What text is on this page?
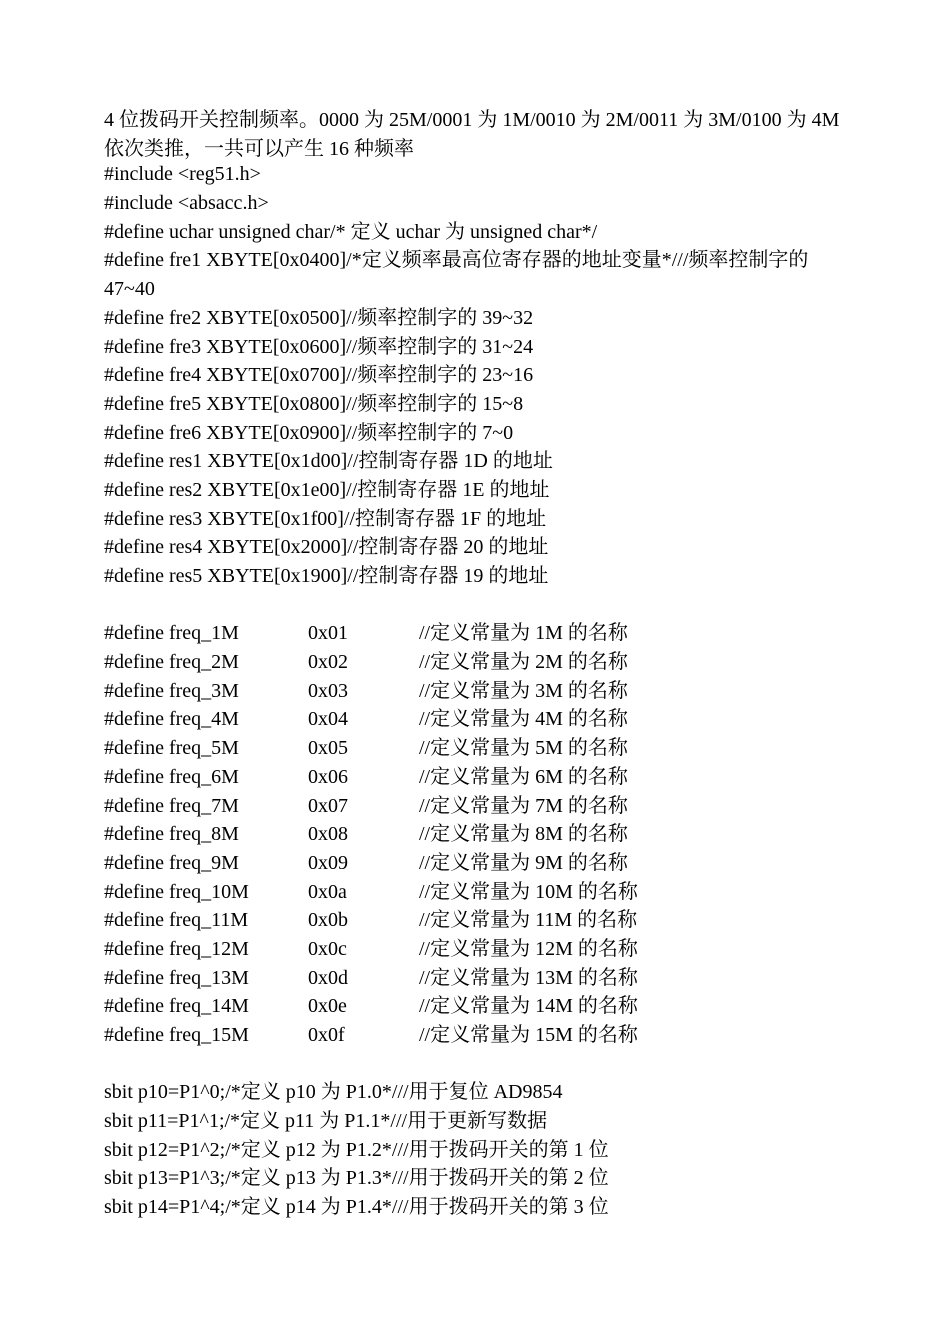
4 位拨码开关控制频率。0000 为 25M/0001 为 1M/0010 为 2M/0011 为 3M/0100 为 4M 依次类推，一共可以产生 16 种频率
#include <reg51.h>
#include <absacc.h>
#define uchar unsigned char/* 定义 uchar 为 unsigned char*/
#define fre1 XBYTE[0x0400]/*定义频率最高位寄存器的地址变量*///频率控制字的 47~40
#define fre2 XBYTE[0x0500]//频率控制字的 39~32
#define fre3 XBYTE[0x0600]//频率控制字的 31~24
#define fre4 XBYTE[0x0700]//频率控制字的 23~16
#define fre5 XBYTE[0x0800]//频率控制字的 15~8
#define fre6 XBYTE[0x0900]//频率控制字的 7~0
#define res1 XBYTE[0x1d00]//控制寄存器 1D 的地址
#define res2 XBYTE[0x1e00]//控制寄存器 1E 的地址
#define res3 XBYTE[0x1f00]//控制寄存器 1F 的地址
#define res4 XBYTE[0x2000]//控制寄存器 20 的地址
#define res5 XBYTE[0x1900]//控制寄存器 19 的地址
#define freq_1M	0x01	//定义常量为 1M 的名称
#define freq_2M	0x02	//定义常量为 2M 的名称
#define freq_3M	0x03	//定义常量为 3M 的名称
#define freq_4M	0x04	//定义常量为 4M 的名称
#define freq_5M	0x05	//定义常量为 5M 的名称
#define freq_6M	0x06	//定义常量为 6M 的名称
#define freq_7M	0x07	//定义常量为 7M 的名称
#define freq_8M	0x08	//定义常量为 8M 的名称
#define freq_9M	0x09	//定义常量为 9M 的名称
#define freq_10M	0x0a	//定义常量为 10M 的名称
#define freq_11M	0x0b	//定义常量为 11M 的名称
#define freq_12M	0x0c	//定义常量为 12M 的名称
#define freq_13M	0x0d	//定义常量为 13M 的名称
#define freq_14M	0x0e	//定义常量为 14M 的名称
#define freq_15M	0x0f	//定义常量为 15M 的名称
sbit p10=P1^0;/*定义 p10 为 P1.0*///用于复位 AD9854
sbit p11=P1^1;/*定义 p11 为 P1.1*///用于更新写数据
sbit p12=P1^2;/*定义 p12 为 P1.2*///用于拨码开关的第 1 位
sbit p13=P1^3;/*定义 p13 为 P1.3*///用于拨码开关的第 2 位
sbit p14=P1^4;/*定义 p14 为 P1.4*///用于拨码开关的第 3 位
